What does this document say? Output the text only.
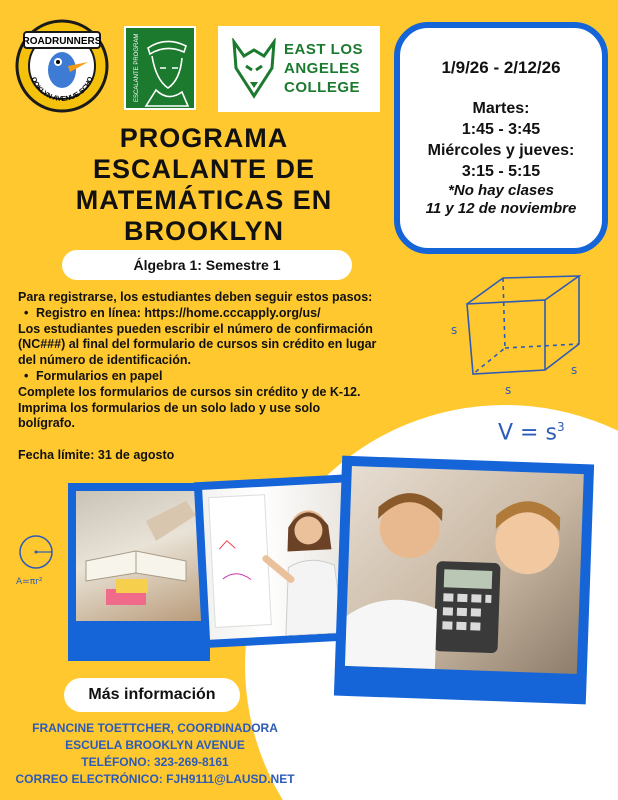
ROADRUNNERS
OOKLYN AVENUE SCHO	ESCALANTE PROGRAM	EAST LOS
ANGELES
COLLEGE
1/9/26 - 2/12/26
Martes:
1:45 - 3:45
Miércoles y jueves:
3:15 - 5:15
*No hay clases
11 y 12 de noviembre
PROGRAMA
ESCALANTE DE
MATEMÁTICAS EN
BROOKLYN
Álgebra 1: Semestre 1

Para registrarse, los estudiantes deben seguir estos pasos:

• Registro en línea: https://home.cccapply.org/us/

Los estudiantes pueden escribir el número de confirmación (NC###) al final del formulario de cursos sin crédito en lugar del número de identificación.

• Formularios en papel

Complete los formularios de cursos sin crédito y de K-12. Imprima los formularios de un solo lado y use solo bolígrafo.

Fecha límite: 31 de agosto

s
s
s
$V = s^3$
A=πr²
Más información
FRANCINE TOETTCHER, COORDINADORA
ESCUELA BROOKLYN AVENUE
TELÉFONO: 323-269-8161
CORREO ELECTRÓNICO: FJH9111@LAUSD.NET
